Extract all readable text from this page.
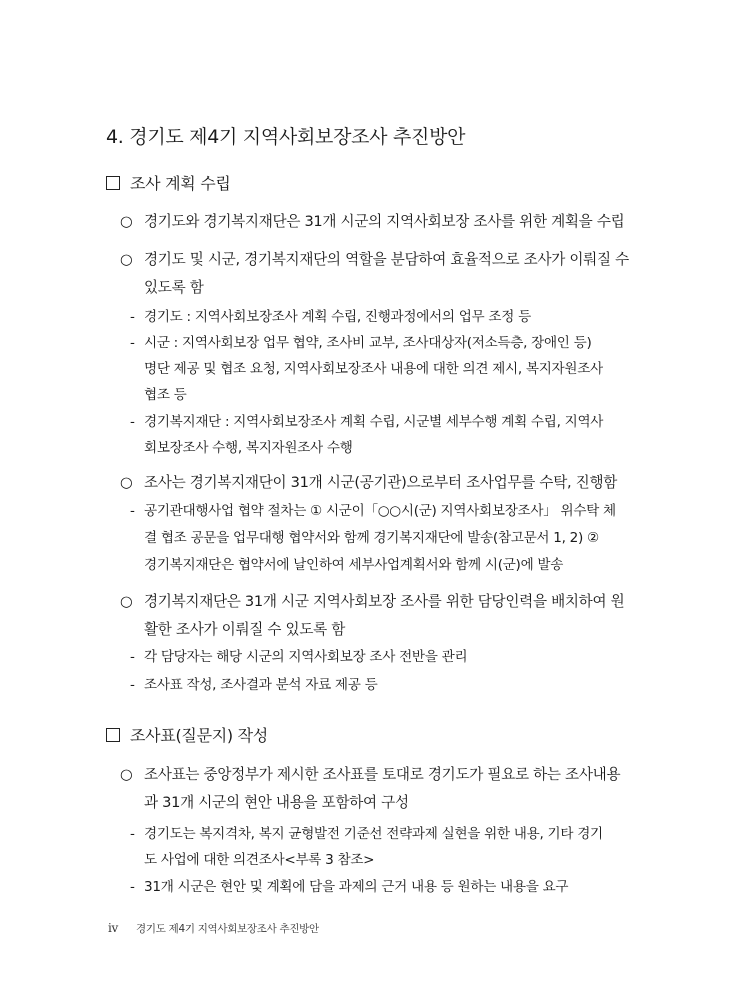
4. 경기도 제4기 지역사회보장조사 추진방안
조사 계획 수립
○ 경기도와 경기복지재단은 31개 시군의 지역사회보장 조사를 위한 계획을 수립
○ 경기도 및 시군, 경기복지재단의 역할을 분담하여 효율적으로 조사가 이뤄질 수
있도록 함
- 경기도 : 지역사회보장조사 계획 수립, 진행과정에서의 업무 조정 등
- 시군 : 지역사회보장 업무 협약, 조사비 교부, 조사대상자(저소득층, 장애인 등)
명단 제공 및 협조 요청, 지역사회보장조사 내용에 대한 의견 제시, 복지자원조사
협조 등
- 경기복지재단 : 지역사회보장조사 계획 수립, 시군별 세부수행 계획 수립, 지역사
회보장조사 수행, 복지자원조사 수행
○ 조사는 경기복지재단이 31개 시군(공기관)으로부터 조사업무를 수탁, 진행함
- 공기관대행사업 협약 절차는 ① 시군이「○○시(군) 지역사회보장조사」 위수탁 체
결 협조 공문을 업무대행 협약서와 함께 경기복지재단에 발송(참고문서 1, 2) ②
경기복지재단은 협약서에 날인하여 세부사업계획서와 함께 시(군)에 발송
○ 경기복지재단은 31개 시군 지역사회보장 조사를 위한 담당인력을 배치하여 원
활한 조사가 이뤄질 수 있도록 함
- 각 담당자는 해당 시군의 지역사회보장 조사 전반을 관리
- 조사표 작성, 조사결과 분석 자료 제공 등
조사표(질문지) 작성
○ 조사표는 중앙정부가 제시한 조사표를 토대로 경기도가 필요로 하는 조사내용
과 31개 시군의 현안 내용을 포함하여 구성
- 경기도는 복지격차, 복지 균형발전 기준선 전략과제 실현을 위한 내용, 기타 경기
도 사업에 대한 의견조사<부록 3 참조>
- 31개 시군은 현안 및 계획에 담을 과제의 근거 내용 등 원하는 내용을 요구
iv 경기도 제4기 지역사회보장조사 추진방안
